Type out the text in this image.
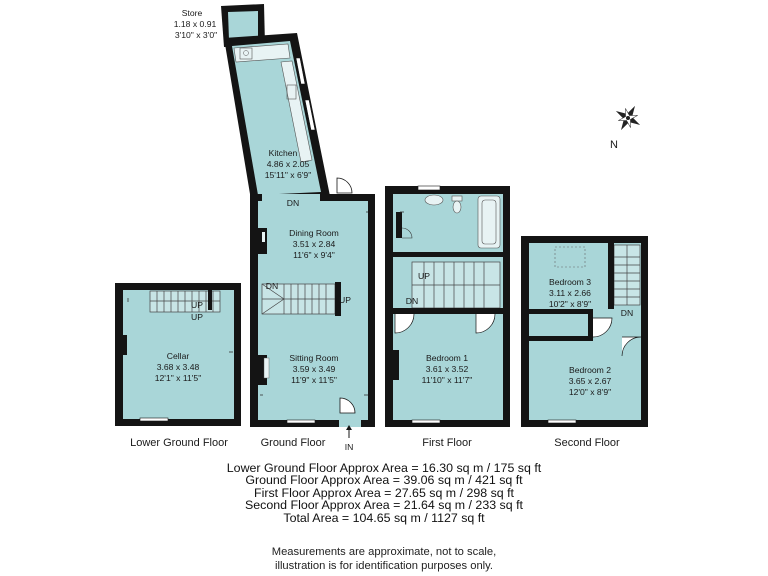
UP
UP
Cellar
3.68 x 3.48
12'1" x 11'5"
Store
1.18 x 0.91
3'10" x 3'0"
Kitchen
4.86 x 2.05
15'11" x 6'9"
DN
Dining Room
3.51 x 2.84
11'6" x 9'4"
DN
UP
Sitting Room
3.59 x 3.49
11'9" x 11'5"
IN
UP
DN
Bedroom 1
3.61 x 3.52
11'10" x 11'7"
Bedroom 3
3.11 x 2.66
10'2" x 8'9"
DN
Bedroom 2
3.65 x 2.67
12'0" x 8'9"
N
Lower Ground Floor	Ground Floor	First Floor	Second Floor
Lower Ground Floor Approx Area = 16.30 sq m / 175 sq ft
Ground Floor Approx Area = 39.06 sq m / 421 sq ft
First Floor Approx Area = 27.65 sq m / 298 sq ft
Second Floor Approx Area = 21.64 sq m / 233 sq ft
Total Area = 104.65 sq m / 1127 sq ft
Measurements are approximate, not to scale,
illustration is for identification purposes only.
